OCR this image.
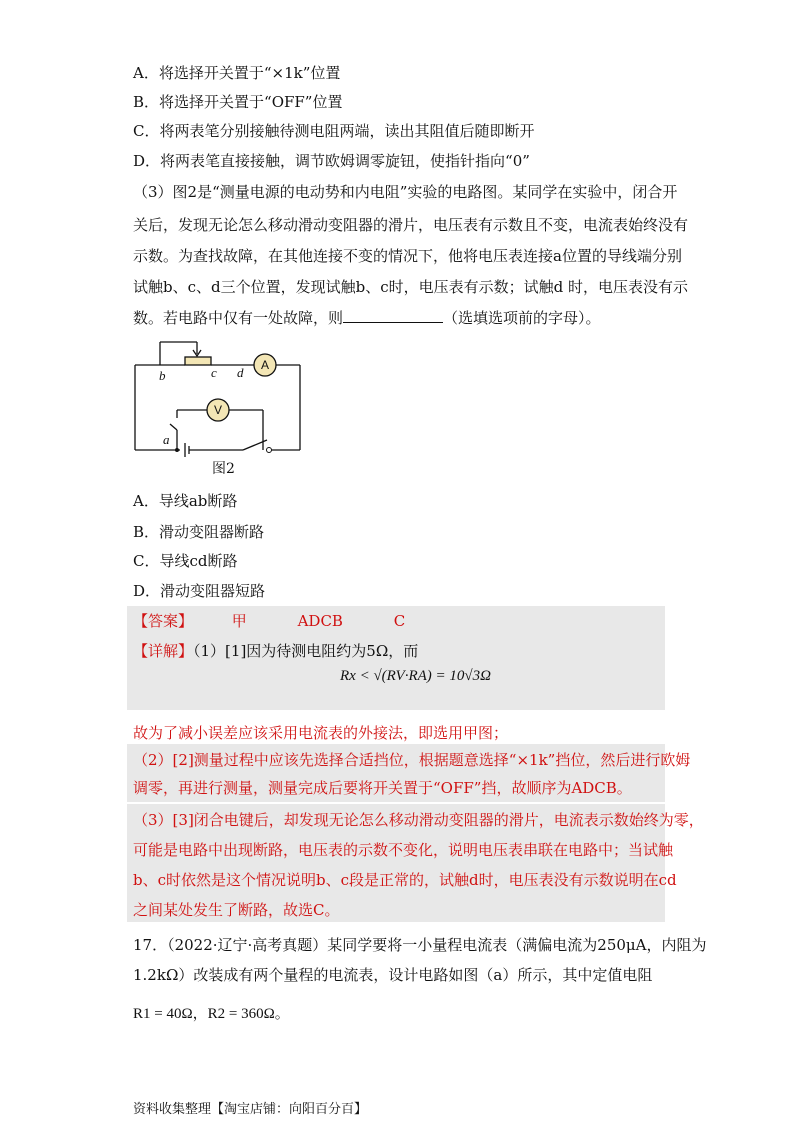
A．将选择开关置于“×1k”位置
B．将选择开关置于“OFF”位置
C．将两表笔分别接触待测电阻两端，读出其阻值后随即断开
D．将两表笔直接接触，调节欧姆调零旋钮，使指针指向“0”
（3）图2是“测量电源的电动势和内电阻”实验的电路图。某同学在实验中，闭合开
关后，发现无论怎么移动滑动变阻器的滑片，电压表有示数且不变，电流表始终没有
示数。为查找故障，在其他连接不变的情况下，他将电压表连接a位置的导线端分别
试触b、c、d三个位置，发现试触b、c时，电压表有示数；试触d 时，电压表没有示
数。若电路中仅有一处故障，则	（选填选项前的字母）。
b	c d
a
A
V
图2
A．导线ab断路
B．滑动变阻器断路
C．导线cd断路
D．滑动变阻器短路
【答案】	甲	ADCB	C
【详解】（1）[1]因为待测电阻约为5Ω，而
Rx < √(RV·RA) = 10√3Ω
故为了减小误差应该采用电流表的外接法，即选用甲图；
（2）[2]测量过程中应该先选择合适挡位，根据题意选择“×1k”挡位，然后进行欧姆
调零，再进行测量，测量完成后要将开关置于“OFF”挡，故顺序为ADCB。
（3）[3]闭合电键后，却发现无论怎么移动滑动变阻器的滑片，电流表示数始终为零，
可能是电路中出现断路，电压表的示数不变化，说明电压表串联在电路中；当试触
b、c时依然是这个情况说明b、c段是正常的，试触d时，电压表没有示数说明在cd
之间某处发生了断路，故选C。
17．（2022·辽宁·高考真题）某同学要将一小量程电流表（满偏电流为250μA，内阻为
1.2kΩ）改装成有两个量程的电流表，设计电路如图（a）所示，其中定值电阻
R1 = 40Ω，R2 = 360Ω。
资料收集整理【淘宝店铺：向阳百分百】
